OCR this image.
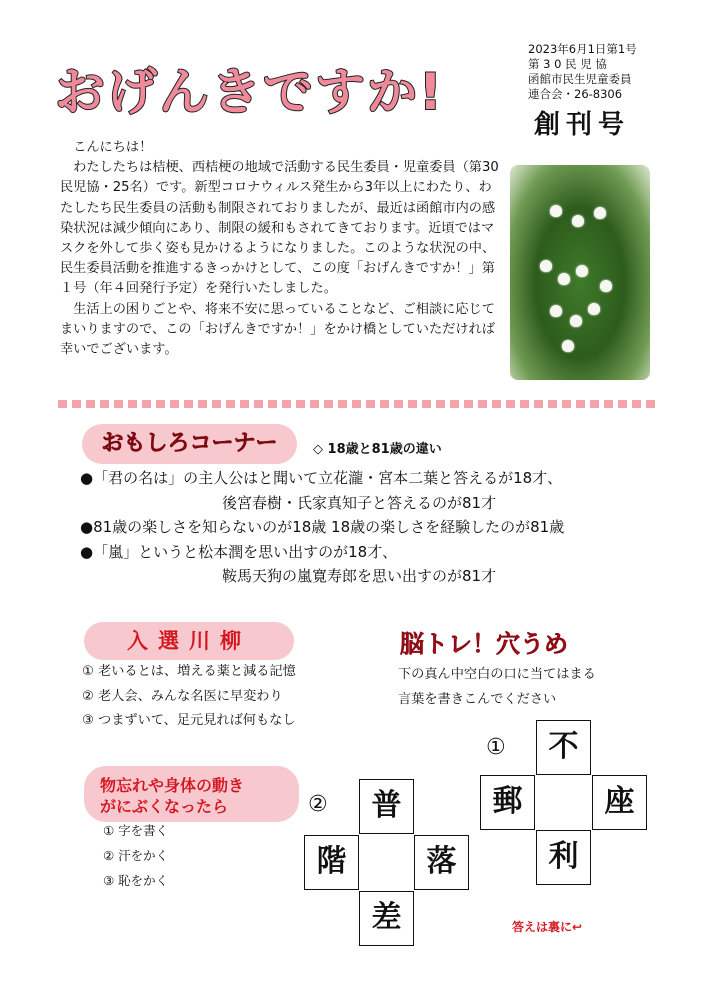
おげんきですか!
2023年6月1日第1号
第 3 0 民 児 協
函館市民生児童委員
連合会・26-8306
創刊号

　こんにちは！

　わたしたちは桔梗、西桔梗の地域で活動する民生委員・児童委員（第30民児協・25名）です。新型コロナウィルス発生から3年以上にわたり、わたしたち民生委員の活動も制限されておりましたが、最近は函館市内の感染状況は減少傾向にあり、制限の緩和もされてきております。近頃ではマスクを外して歩く姿も見かけるようになりました。このような状況の中、民生委員活動を推進するきっかけとして、この度「おげんきですか！」第１号（年４回発行予定）を発行いたしました。

　生活上の困りごとや、将来不安に思っていることなど、ご相談に応じてまいりますので、この「おげんきですか！」をかけ橋としていただければ幸いでございます。

おもしろコーナー	◇ 18歳と81歳の違い
●「君の名は」の主人公はと聞いて立花瀧・宮本二葉と答えるが18才、
後宮春樹・氏家真知子と答えるのが81才
●81歳の楽しさを知らないのが18歳 18歳の楽しさを経験したのが81歳
●「嵐」というと松本潤を思い出すのが18才、
鞍馬天狗の嵐寛寿郎を思い出すのが81才
入選川柳
① 老いるとは、増える薬と減る記憶
② 老人会、みんな名医に早変わり
③ つまずいて、足元見れば何もなし
脳トレ！穴うめ
下の真ん中空白の口に当てはまる
言葉を書きこんでください
①	不
郵	座
利
②	普
階	落
差	答えは裏に↩
物忘れや身体の動き
がにぶくなったら
① 字を書く
② 汗をかく
③ 恥をかく
